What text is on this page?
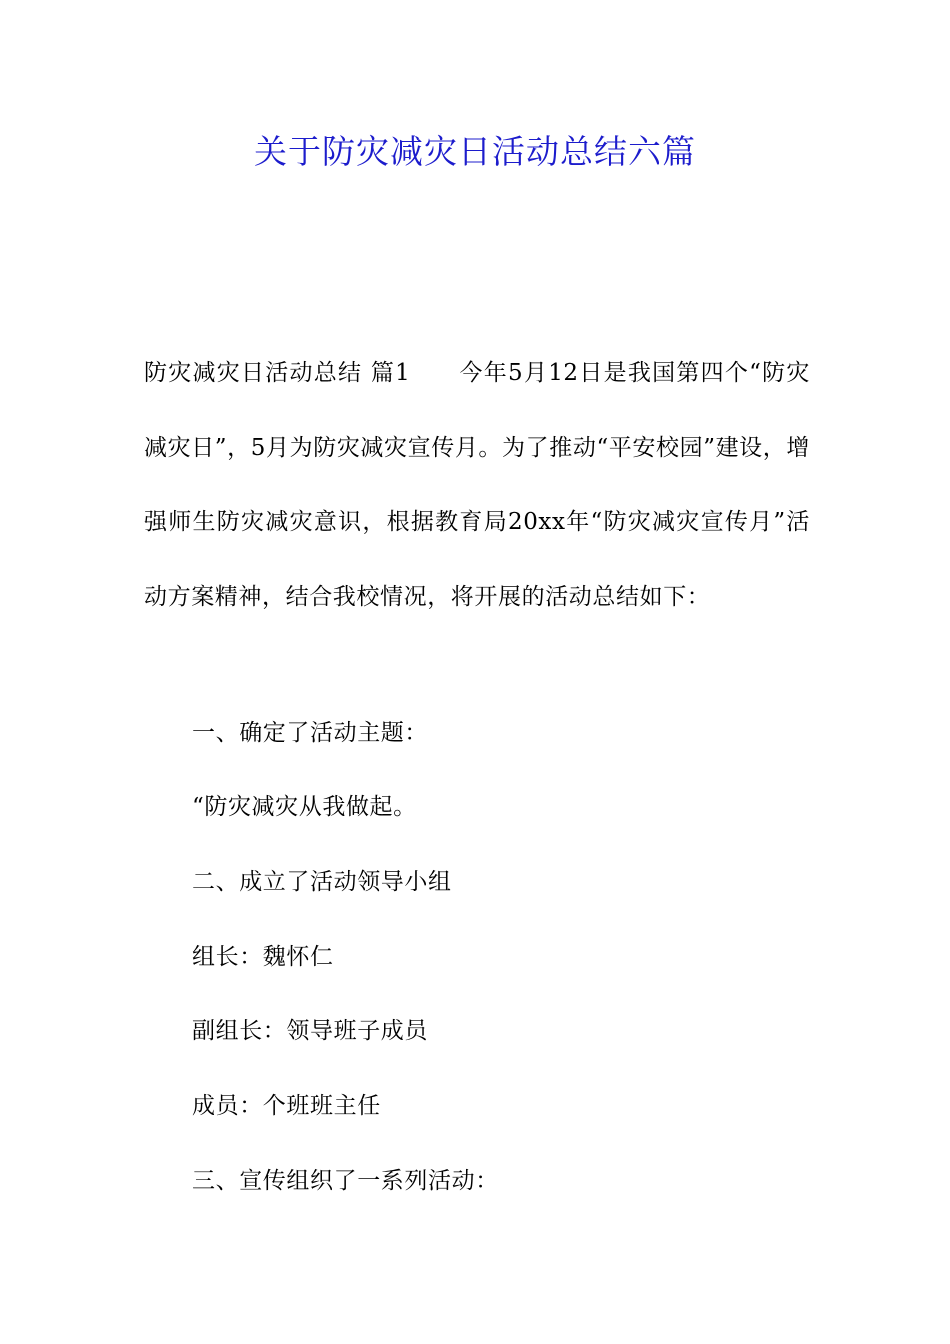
关于防灾减灾日活动总结六篇
防灾减灾日活动总结 篇1　　今年5月12日是我国第四个“防灾减灾日”，5月为防灾减灾宣传月。为了推动“平安校园”建设，增强师生防灾减灾意识，根据教育局20xx年“防灾减灾宣传月”活动方案精神，结合我校情况，将开展的活动总结如下：
一、确定了活动主题：
“防灾减灾从我做起。
二、成立了活动领导小组
组长：魏怀仁
副组长：领导班子成员
成员：个班班主任
三、宣传组织了一系列活动：
